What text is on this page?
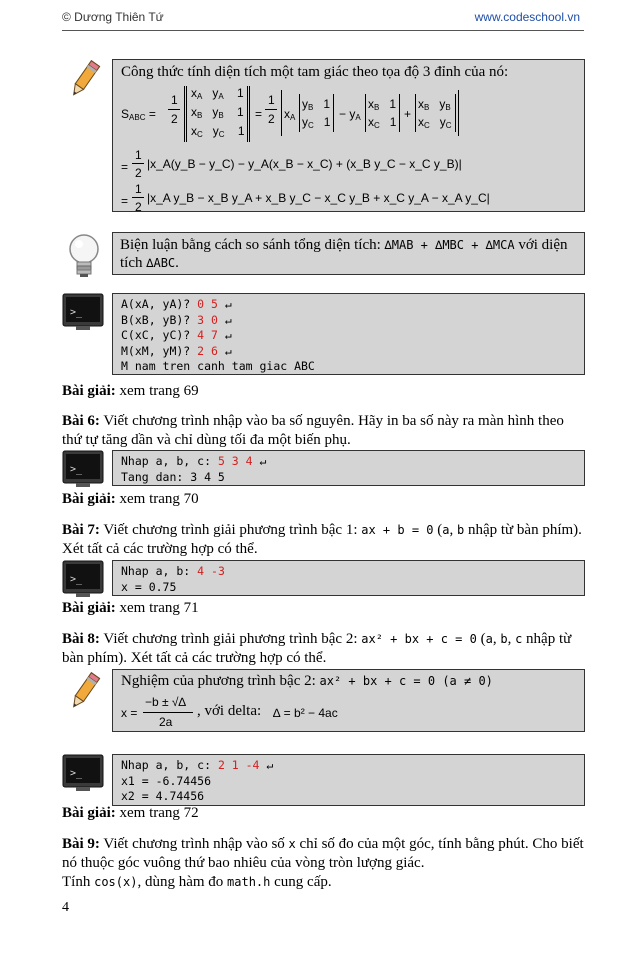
© Dương Thiên Tứ	www.codeschool.vn
Công thức tính diện tích một tam giác theo tọa độ 3 đỉnh của nó:
$S_{ABC}$ =
1
2
$x_A$ $y_A$ 1
$x_B$ $y_B$ 1
$x_C$ $y_C$ 1
=
1
2 $x_A$
$y_B$ 1
$y_C$ 1
− $y_A$
$x_B$ 1
$x_C$ 1
+
$x_B$ $y_B$
$x_C$ $y_C$
=
1
2
|x_A(y_B − y_C) − y_A(x_B − x_C) + (x_B y_C − x_C y_B)|
=
1
2
|x_A y_B − x_B y_A + x_B y_C − x_C y_B + x_C y_A − x_A y_C|
Biện luận bằng cách so sánh tổng diện tích: ∆MAB + ∆MBC + ∆MCA với diện tích ∆ABC.
>_
A(xA, yA)? 0 5 ↵
B(xB, yB)? 3 0 ↵
C(xC, yC)? 4 7 ↵
M(xM, yM)? 2 6 ↵
M nam tren canh tam giac ABC
Bài giải: xem trang 69
Bài 6: Viết chương trình nhập vào ba số nguyên. Hãy in ba số này ra màn hình theo thứ tự tăng dần và chỉ dùng tối đa một biến phụ.
>_
Nhap a, b, c: 5 3 4 ↵
Tang dan: 3 4 5
Bài giải: xem trang 70
Bài 7: Viết chương trình giải phương trình bậc 1: ax + b = 0 (a, b nhập từ bàn phím). Xét tất cả các trường hợp có thể.
>_
Nhap a, b: 4 -3
x = 0.75
Bài giải: xem trang 71
Bài 8: Viết chương trình giải phương trình bậc 2: ax² + bx + c = 0 (a, b, c nhập từ bàn phím). Xét tất cả các trường hợp có thể.
Nghiệm của phương trình bậc 2: ax² + bx + c = 0 (a ≠ 0)
x =
−b ± √∆
2a
, với delta: ∆ = b² − 4ac
>_
Nhap a, b, c: 2 1 -4 ↵
x1 = -6.74456
x2 = 4.74456
Bài giải: xem trang 72
Bài 9: Viết chương trình nhập vào số x chỉ số đo của một góc, tính bằng phút. Cho biết nó thuộc góc vuông thứ bao nhiêu của vòng tròn lượng giác.
Tính cos(x), dùng hàm đo math.h cung cấp.
4
